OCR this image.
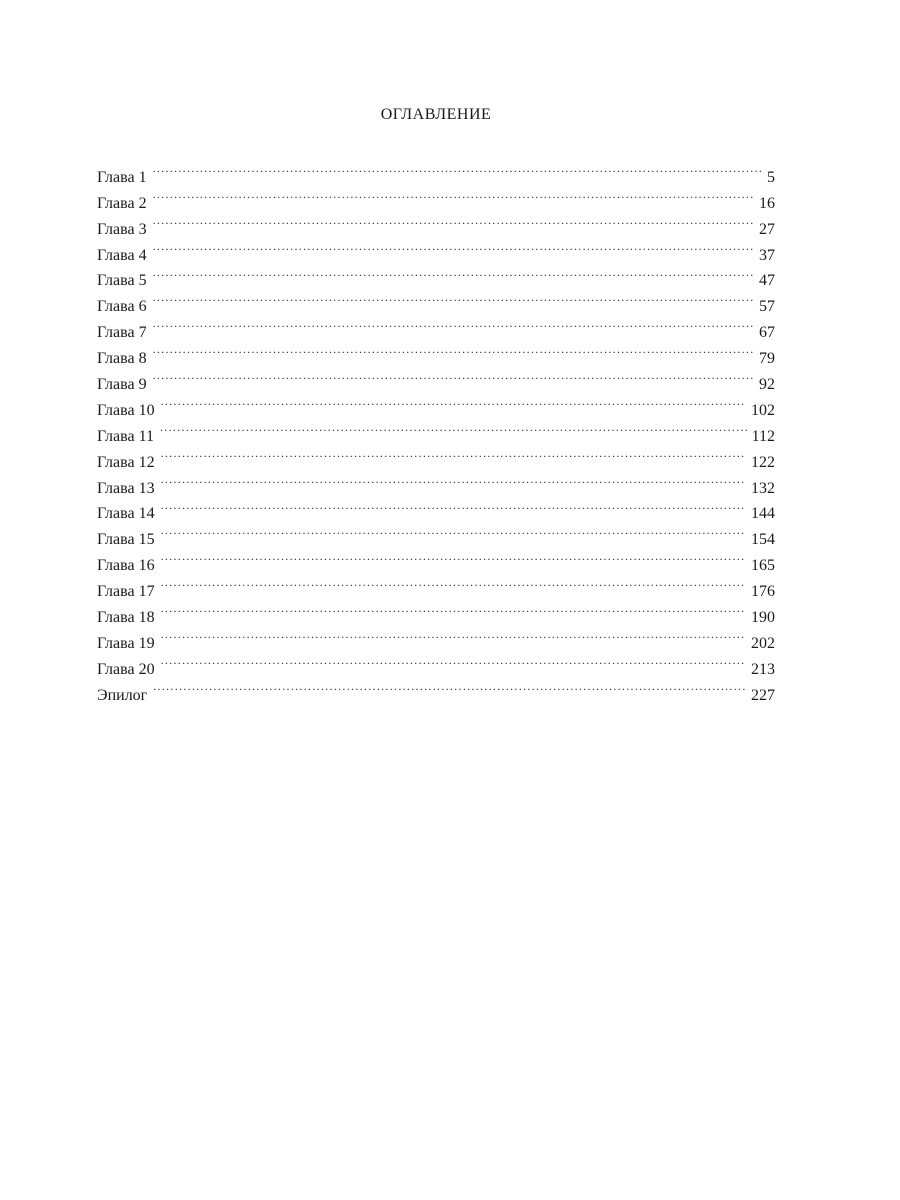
ОГЛАВЛЕНИЕ
Глава 1 .....	5
Глава 2 .....	16
Глава 3 .....	27
Глава 4 .....	37
Глава 5 .....	47
Глава 6 .....	57
Глава 7 .....	67
Глава 8 .....	79
Глава 9 .....	92
Глава 10 .....	102
Глава 11 .....	112
Глава 12 .....	122
Глава 13 .....	132
Глава 14 .....	144
Глава 15 .....	154
Глава 16 .....	165
Глава 17 .....	176
Глава 18 .....	190
Глава 19 .....	202
Глава 20 .....	213
Эпилог .....	227
